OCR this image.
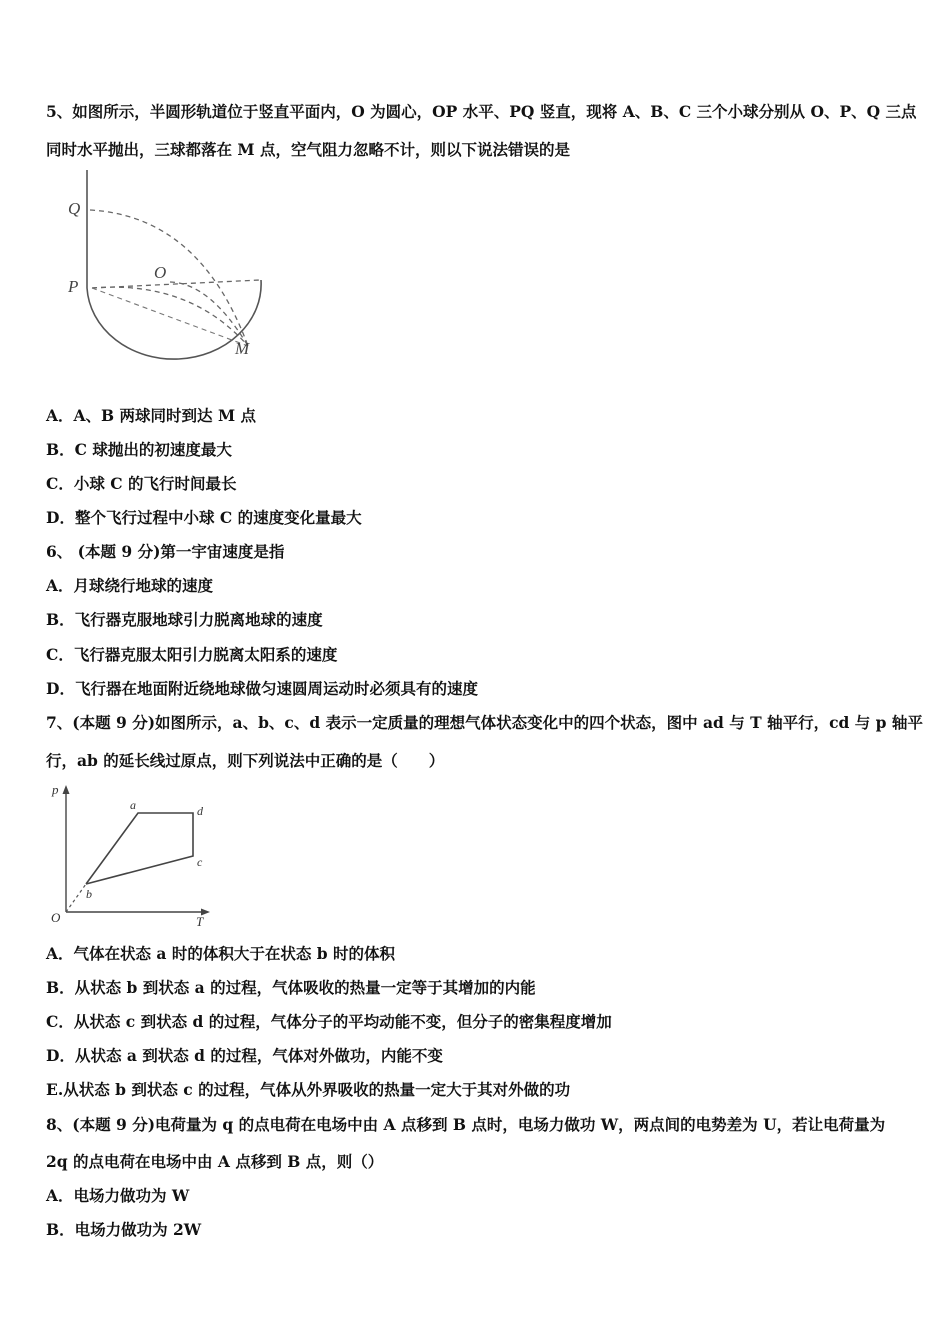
5、如图所示，半圆形轨道位于竖直平面内，O 为圆心，OP 水平、PQ 竖直，现将 A、B、C 三个小球分别从 O、P、Q 三点
同时水平抛出，三球都落在 M 点，空气阻力忽略不计，则以下说法错误的是
Q
O
P
M
A．A、B 两球同时到达 M 点
B．C 球抛出的初速度最大
C．小球 C 的飞行时间最长
D．整个飞行过程中小球 C 的速度变化量最大
6、 (本题 9 分)第一宇宙速度是指
A．月球绕行地球的速度
B．飞行器克服地球引力脱离地球的速度
C．飞行器克服太阳引力脱离太阳系的速度
D．飞行器在地面附近绕地球做匀速圆周运动时必须具有的速度
7、(本题 9 分)如图所示，a、b、c、d 表示一定质量的理想气体状态变化中的四个状态，图中 ad 与 T 轴平行，cd 与 p 轴平
行，ab 的延长线过原点，则下列说法中正确的是（　　）
p
T
O
a
b
c
d
A．气体在状态 a 时的体积大于在状态 b 时的体积
B．从状态 b 到状态 a 的过程，气体吸收的热量一定等于其增加的内能
C．从状态 c 到状态 d 的过程，气体分子的平均动能不变，但分子的密集程度增加
D．从状态 a 到状态 d 的过程，气体对外做功，内能不变
E.从状态 b 到状态 c 的过程，气体从外界吸收的热量一定大于其对外做的功
8、(本题 9 分)电荷量为 q 的点电荷在电场中由 A 点移到 B 点时，电场力做功 W，两点间的电势差为 U，若让电荷量为
2q 的点电荷在电场中由 A 点移到 B 点，则（）
A．电场力做功为 W
B．电场力做功为 2W
